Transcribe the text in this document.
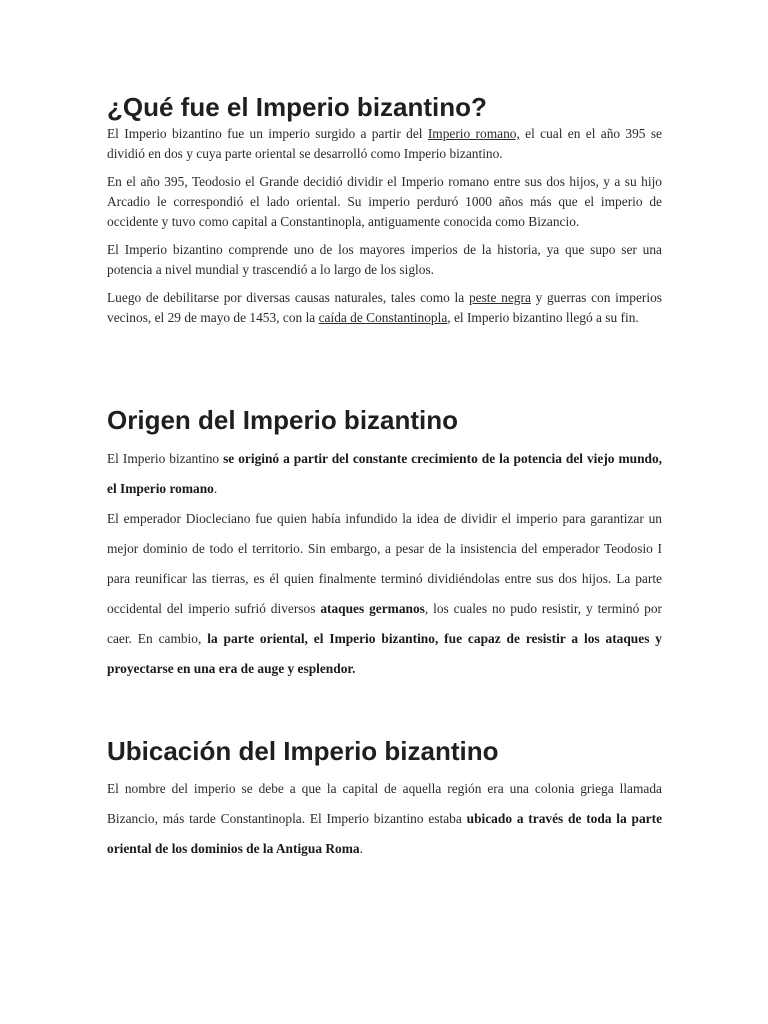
¿Qué fue el Imperio bizantino?

El Imperio bizantino fue un imperio surgido a partir del Imperio romano, el cual en el año 395 se dividió en dos y cuya parte oriental se desarrolló como Imperio bizantino.

En el año 395, Teodosio el Grande decidió dividir el Imperio romano entre sus dos hijos, y a su hijo Arcadio le correspondió el lado oriental. Su imperio perduró 1000 años más que el imperio de occidente y tuvo como capital a Constantinopla, antiguamente conocida como Bizancio.

El Imperio bizantino comprende uno de los mayores imperios de la historia, ya que supo ser una potencia a nivel mundial y trascendió a lo largo de los siglos.

Luego de debilitarse por diversas causas naturales, tales como la peste negra y guerras con imperios vecinos, el 29 de mayo de 1453, con la caída de Constantinopla, el Imperio bizantino llegó a su fin.

Origen del Imperio bizantino

El Imperio bizantino se originó a partir del constante crecimiento de la potencia del viejo mundo, el Imperio romano.

El emperador Diocleciano fue quien había infundido la idea de dividir el imperio para garantizar un mejor dominio de todo el territorio. Sin embargo, a pesar de la insistencia del emperador Teodosio I para reunificar las tierras, es él quien finalmente terminó dividiéndolas entre sus dos hijos. La parte occidental del imperio sufrió diversos ataques germanos, los cuales no pudo resistir, y terminó por caer. En cambio, la parte oriental, el Imperio bizantino, fue capaz de resistir a los ataques y proyectarse en una era de auge y esplendor.

Ubicación del Imperio bizantino

El nombre del imperio se debe a que la capital de aquella región era una colonia griega llamada Bizancio, más tarde Constantinopla. El Imperio bizantino estaba ubicado a través de toda la parte oriental de los dominios de la Antigua Roma.
